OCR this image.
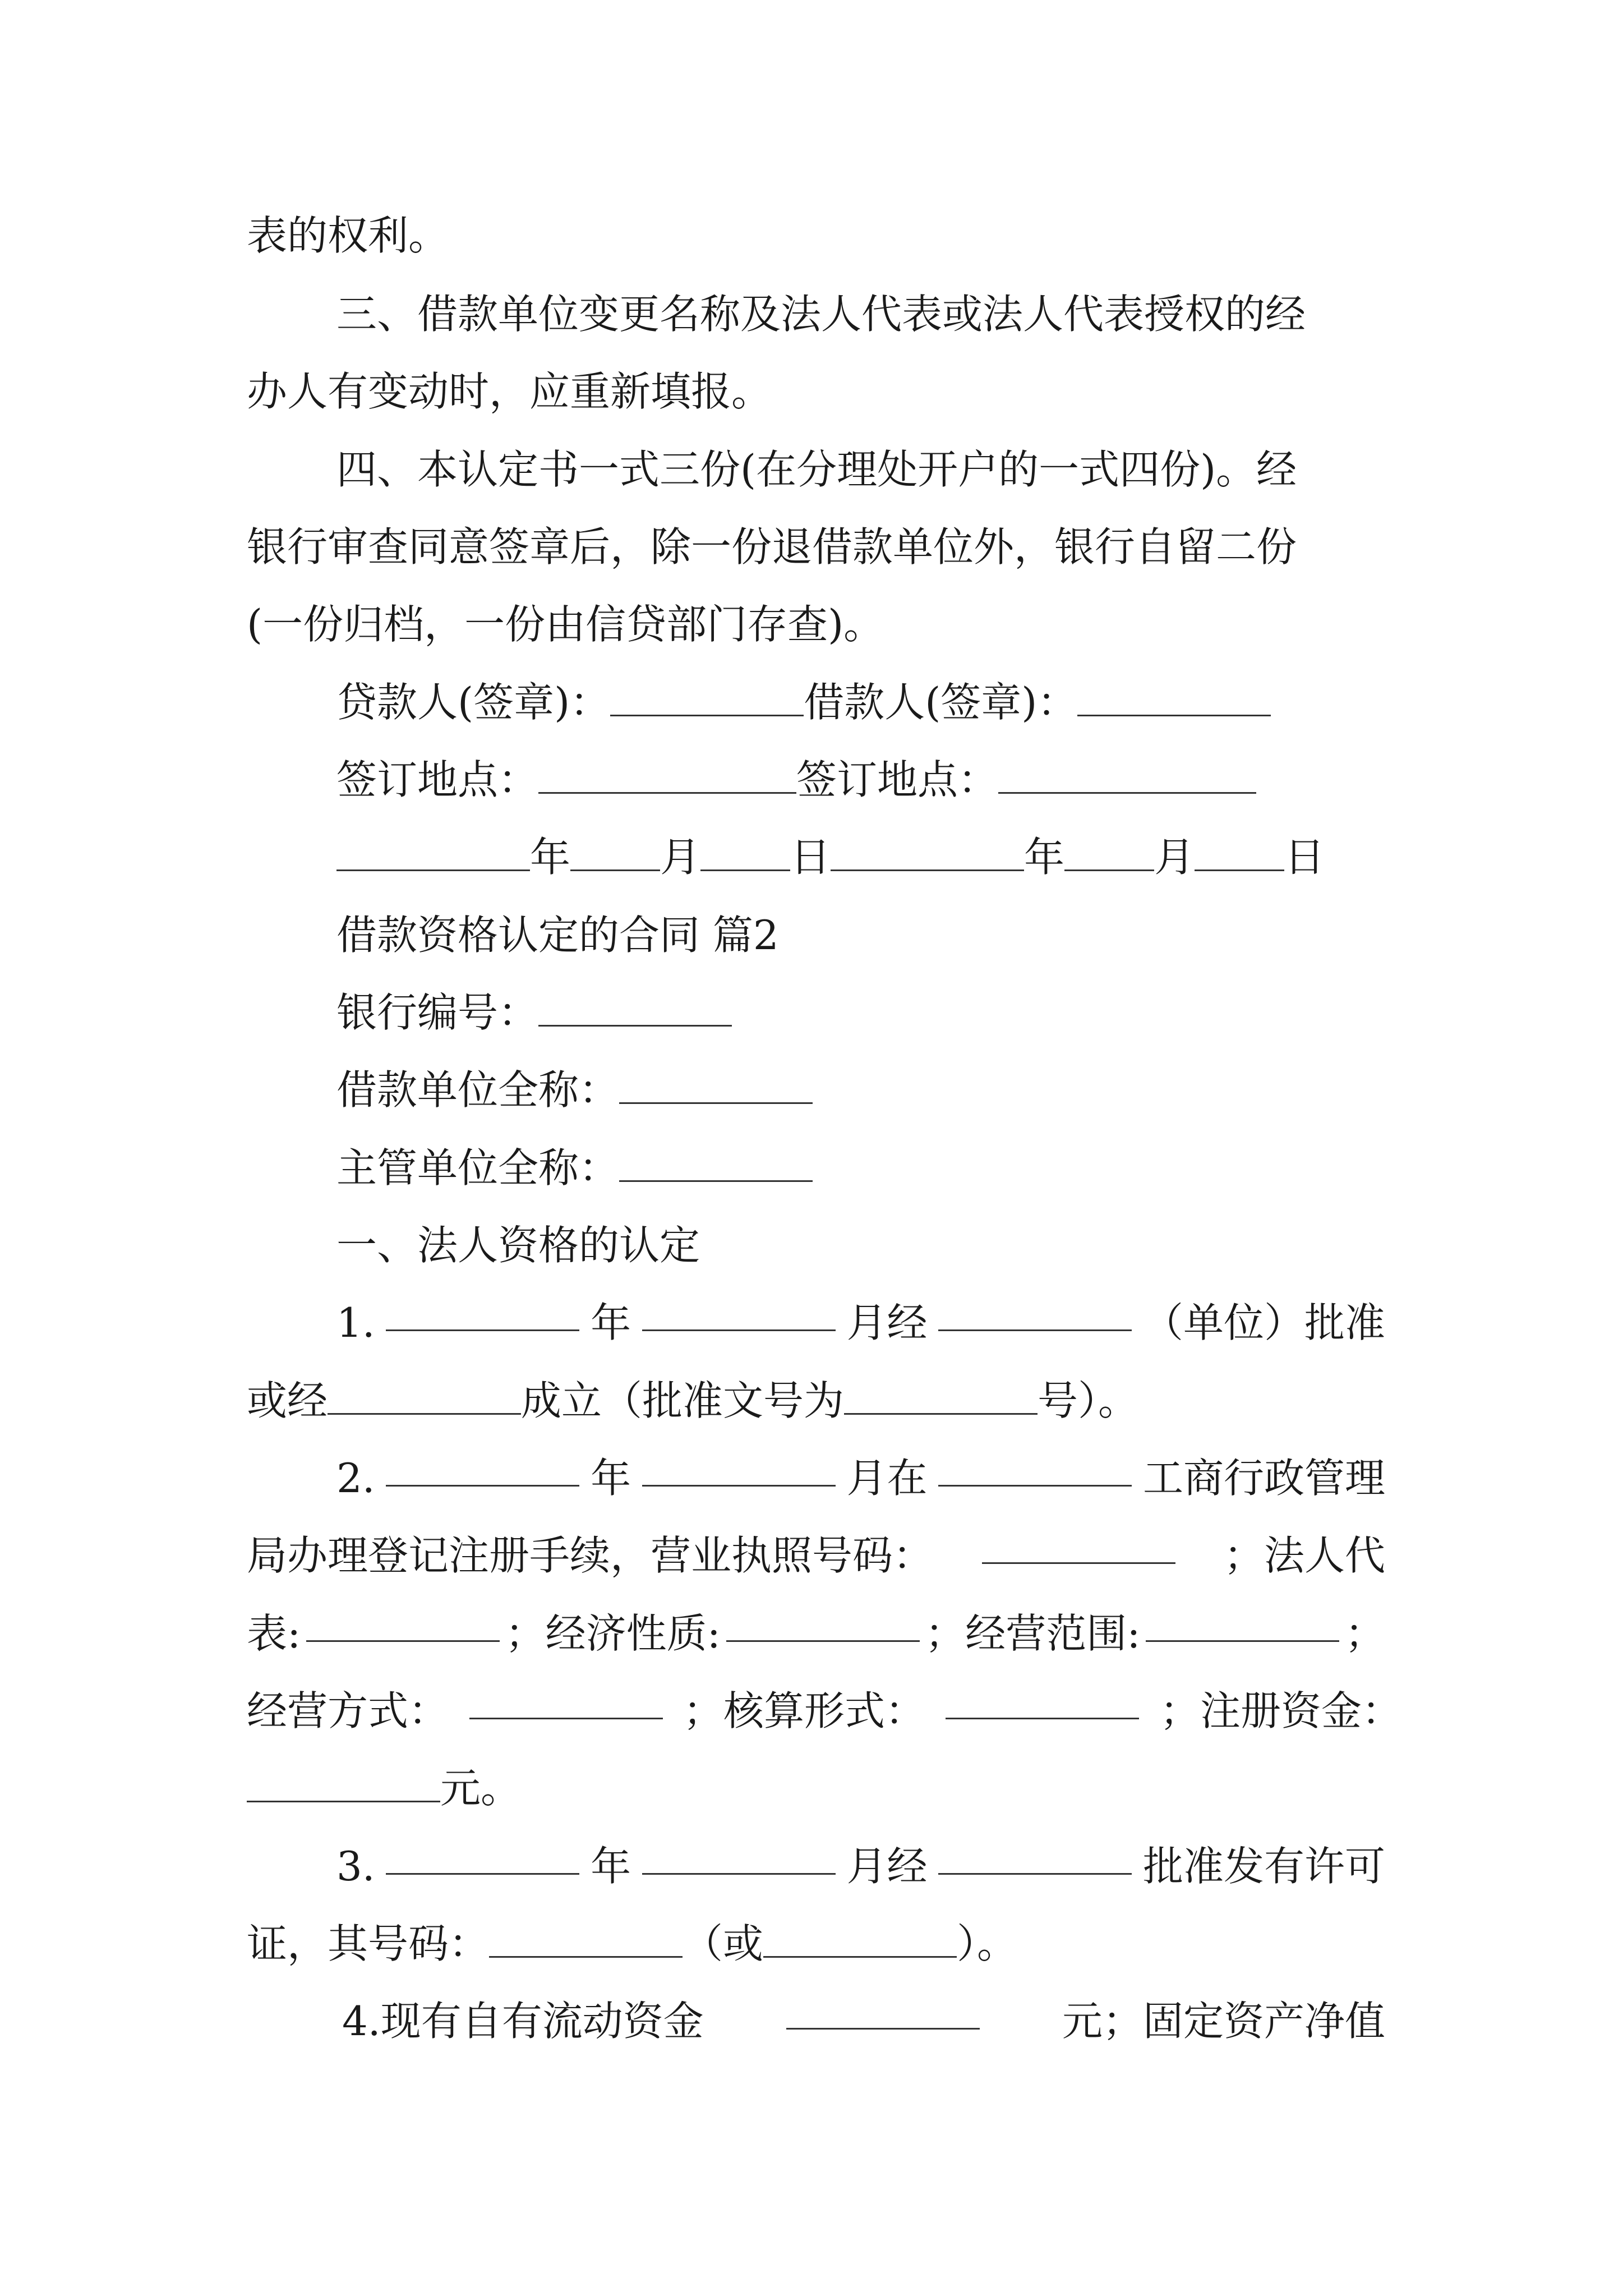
表的权利。

三、借款单位变更名称及法人代表或法人代表授权的经

办人有变动时，应重新填报。

四、本认定书一式三份(在分理处开户的一式四份)。经

银行审查同意签章后，除一份退借款单位外，银行自留二份

(一份归档，一份由信贷部门存查)。

贷款人(签章)：	借款人(签章)：

签订地点：	签订地点：

年 月 日	年 月 日

借款资格认定的合同 篇2

银行编号：

借款单位全称：

主管单位全称：

一、法人资格的认定

1.	年	月经	（单位）批准

或经	成立（批准文号为	号）。

2.	年	月在	工商行政管理

局办理登记注册手续，营业执照号码：	；法人代

表:	；经济性质:	；经营范围:	；

经营方式：	；核算形式：	；注册资金：

元。

3.	年	月经	批准发有许可

证，其号码：	（或	）。

4.现有自有流动资金	元；固定资产净值
